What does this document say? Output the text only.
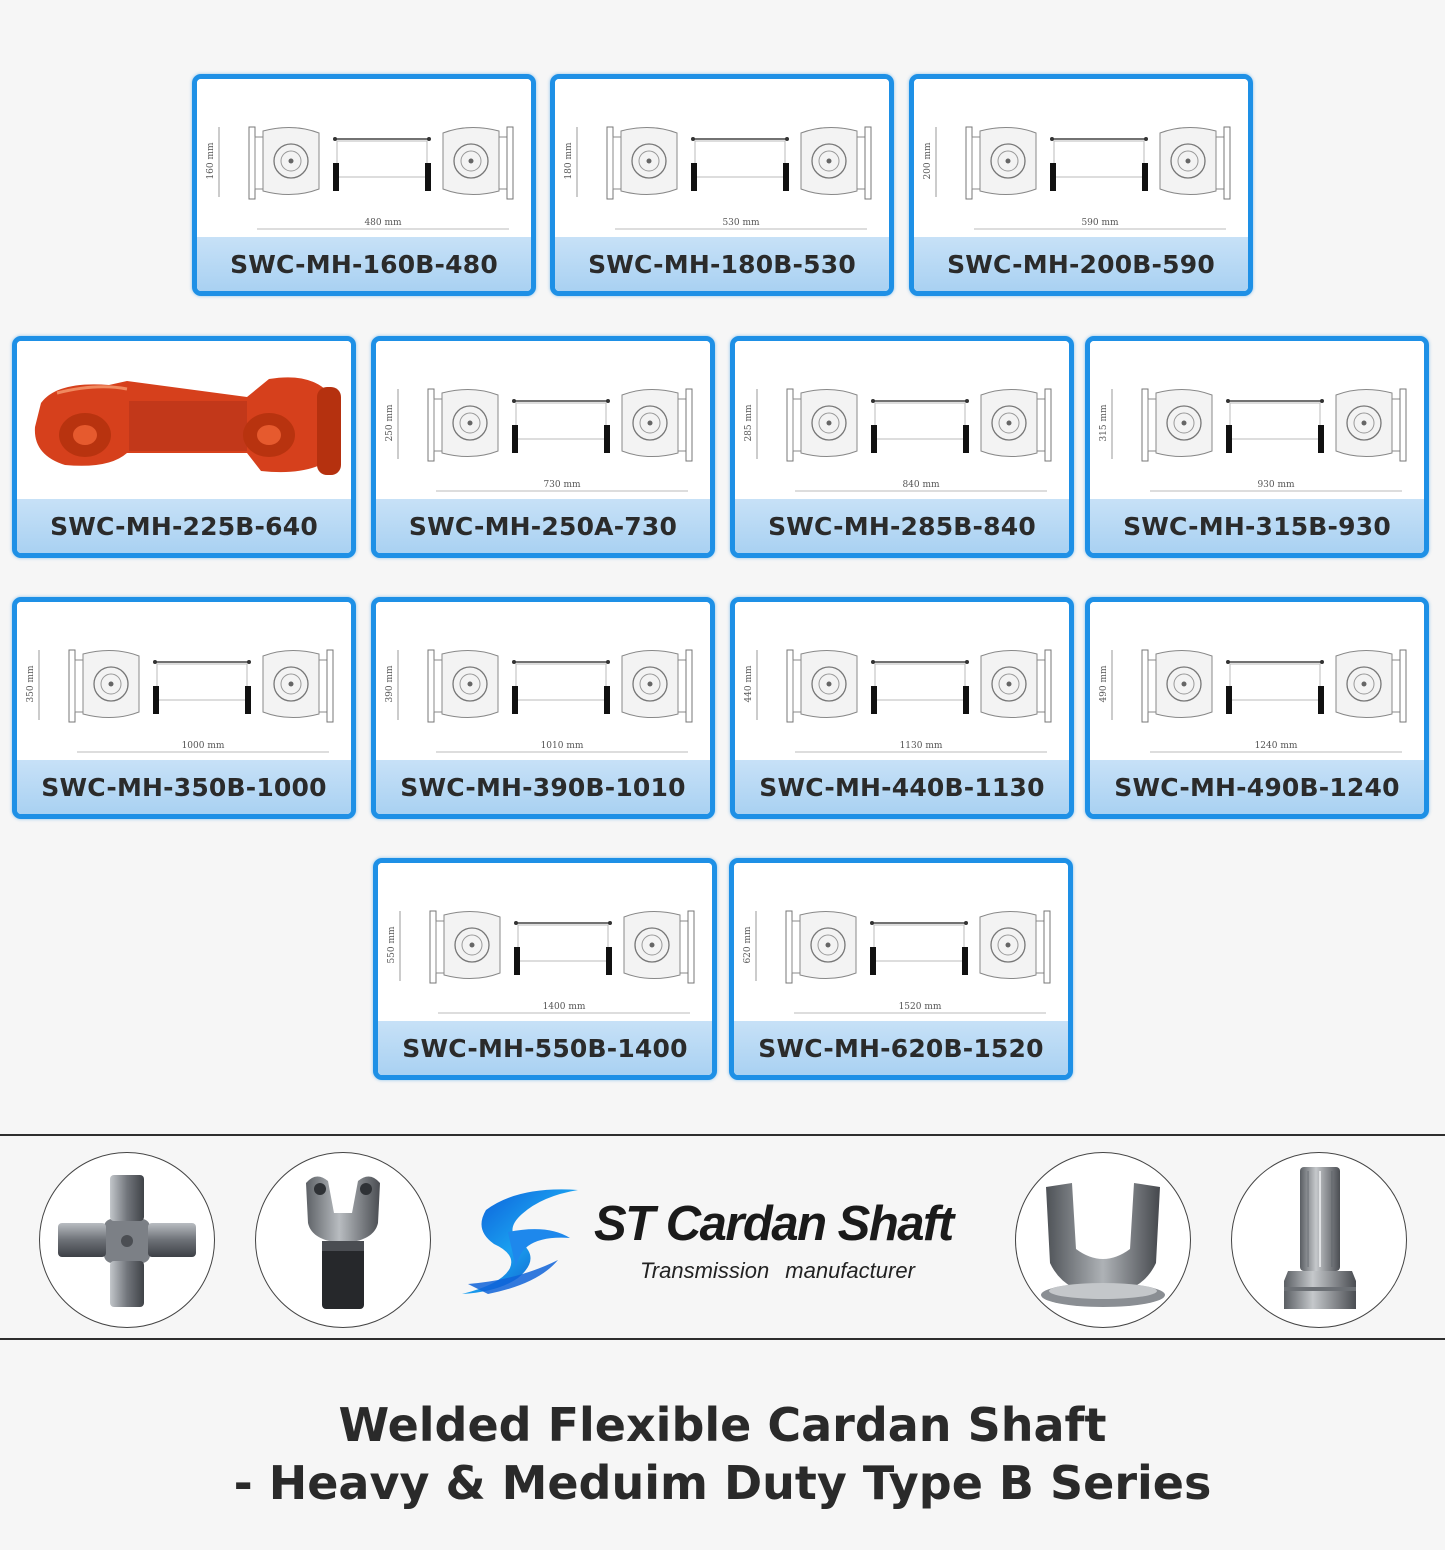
160 mm
480 mm
SWC-MH-160B-480
180 mm
530 mm
SWC-MH-180B-530
200 mm
590 mm
SWC-MH-200B-590
SWC-MH-225B-640
250 mm
730 mm
SWC-MH-250A-730
285 mm
840 mm
SWC-MH-285B-840
315 mm
930 mm
SWC-MH-315B-930
350 mm
1000 mm
SWC-MH-350B-1000
390 mm
1010 mm
SWC-MH-390B-1010
440 mm
1130 mm
SWC-MH-440B-1130
490 mm
1240 mm
SWC-MH-490B-1240
550 mm
1400 mm
SWC-MH-550B-1400
620 mm
1520 mm
SWC-MH-620B-1520
ST Cardan Shaft
Transmission manufacturer
Welded Flexible Cardan Shaft
- Heavy & Meduim Duty Type B Series
